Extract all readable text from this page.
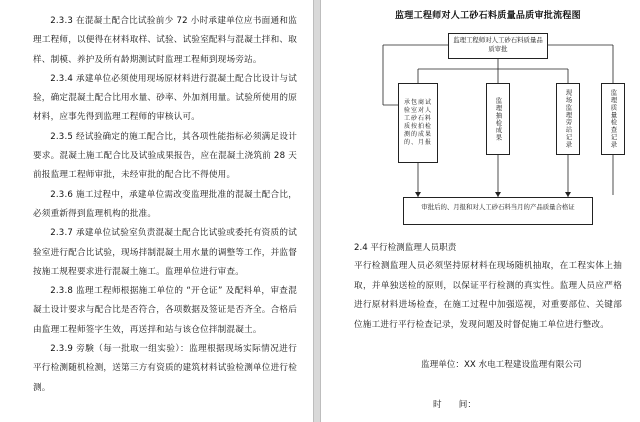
2.3.3 在混凝土配合比试验前少 72 小时承建单位应书面通和监理工程师，以便得在材料取样、试验、试验室配料与混凝土拌和、取样、制模、养护及所有龄期测试时监理工程师到现场旁站。

2.3.4 承建单位必须使用现场原材料进行混凝土配合比设计与试验，确定混凝土配合比用水量、砂率、外加剂用量。试验所使用的原材料，应事先得到监理工程师的审核认可。

2.3.5 经试验确定的施工配合比，其各项性能指标必须满足设计要求。混凝土施工配合比及试验成果报告，应在混凝土浇筑前 28 天前报监理工程师审批，未经审批的配合比不得使用。

2.3.6 施工过程中，承建单位需改变监理批准的混凝土配合比，必须重新得到监理机构的批准。

2.3.7 承建单位试验室负责混凝土配合比试验或委托有资质的试验室进行配合比试验，现场拌制混凝土用水量的调整等工作，并监督按施工规程要求进行混凝土施工。监理单位进行审查。

2.3.8 监理工程师根据施工单位的 “开仓证” 及配料单，审查混凝土设计要求与配合比是否符合，各项数据及签证是否齐全。合格后由监理工程师签字生效，再送拌和站与该仓位拌制混凝土。

2.3.9 旁験（每一批取一组实验）：监理根据现场实际情况进行平行检测随机检测，送第三方有资质的建筑材料试验检测单位进行检测。

监理工程师对人工砂石料质量品质审批流程图

监理工程师对人工砂石料质量品质审批
承包商试验室对人工砂石料质按拍检测的成果的、月报
监理抽检成果	现场监理旁站记录	监理质量检查记录
审批后的、月报和对人工砂石料当月的产品质量合格证

2.4 平行检测监理人员职责

平行检测监理人员必须坚持原材料在现场随机抽取，在工程实体上抽取，并单独送检的原则，以保证平行检测的真实性。监理人员应严格进行原材料进场检查，在施工过程中加强巡视，对重要部位、关键部位施工进行平行检查记录，发现问题及时督促施工单位进行整改。

监理单位：XX 水电工程建设监理有限公司
时　　间：
